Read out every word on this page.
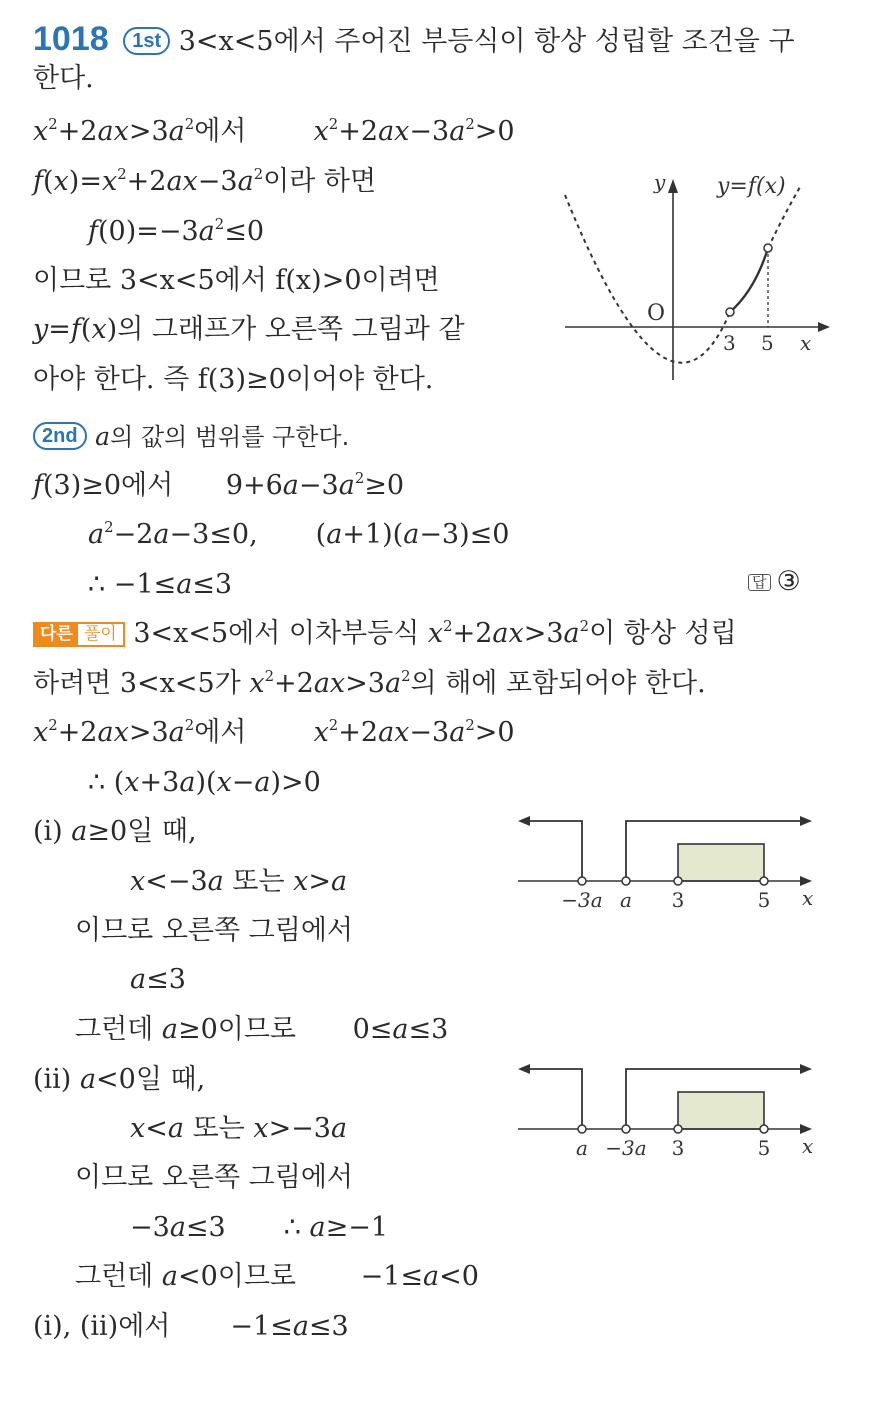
1018 1st 3<x<5에서 주어진 부등식이 항상 성립할 조건을 구
한다.
$x^2+2ax>3a^2$에서 $x^2+2ax-3a^2>0$
$f(x)=x^2+2ax-3a^2$이라 하면
$f(0)=-3a^2\le 0$
이므로 3<x<5에서 f(x)>0이려면
y=f(x)의 그래프가 오른쪽 그림과 같
아야 한다. 즉 f(3)≥0이어야 한다.
y y=f(x)
O
3 5 x
2nd a의 값의 범위를 구한다.
f(3)≥0에서 $9+6a-3a^2\ge 0$
$a^2-2a-3\le 0$, (a+1)(a−3)≤0
∴ −1≤a≤3	답 ③
다른 풀이 3<x<5에서 이차부등식 $x^2+2ax>3a^2$이 항상 성립
하려면 3<x<5가 $x^2+2ax>3a^2$의 해에 포함되어야 한다.
$x^2+2ax>3a^2$에서 $x^2+2ax-3a^2>0$
∴ (x+3a)(x−a)>0
(ⅰ) a≥0일 때,
x<−3a 또는 x>a
이므로 오른쪽 그림에서
a≤3
그런데 a≥0이므로 0≤a≤3
−3a a 3	5 x
(ⅱ) a<0일 때,
x<a 또는 x>−3a
이므로 오른쪽 그림에서
−3a≤3 ∴ a≥−1
그런데 a<0이므로 −1≤a<0
a −3a 3	5 x
(ⅰ), (ⅱ)에서 −1≤a≤3
